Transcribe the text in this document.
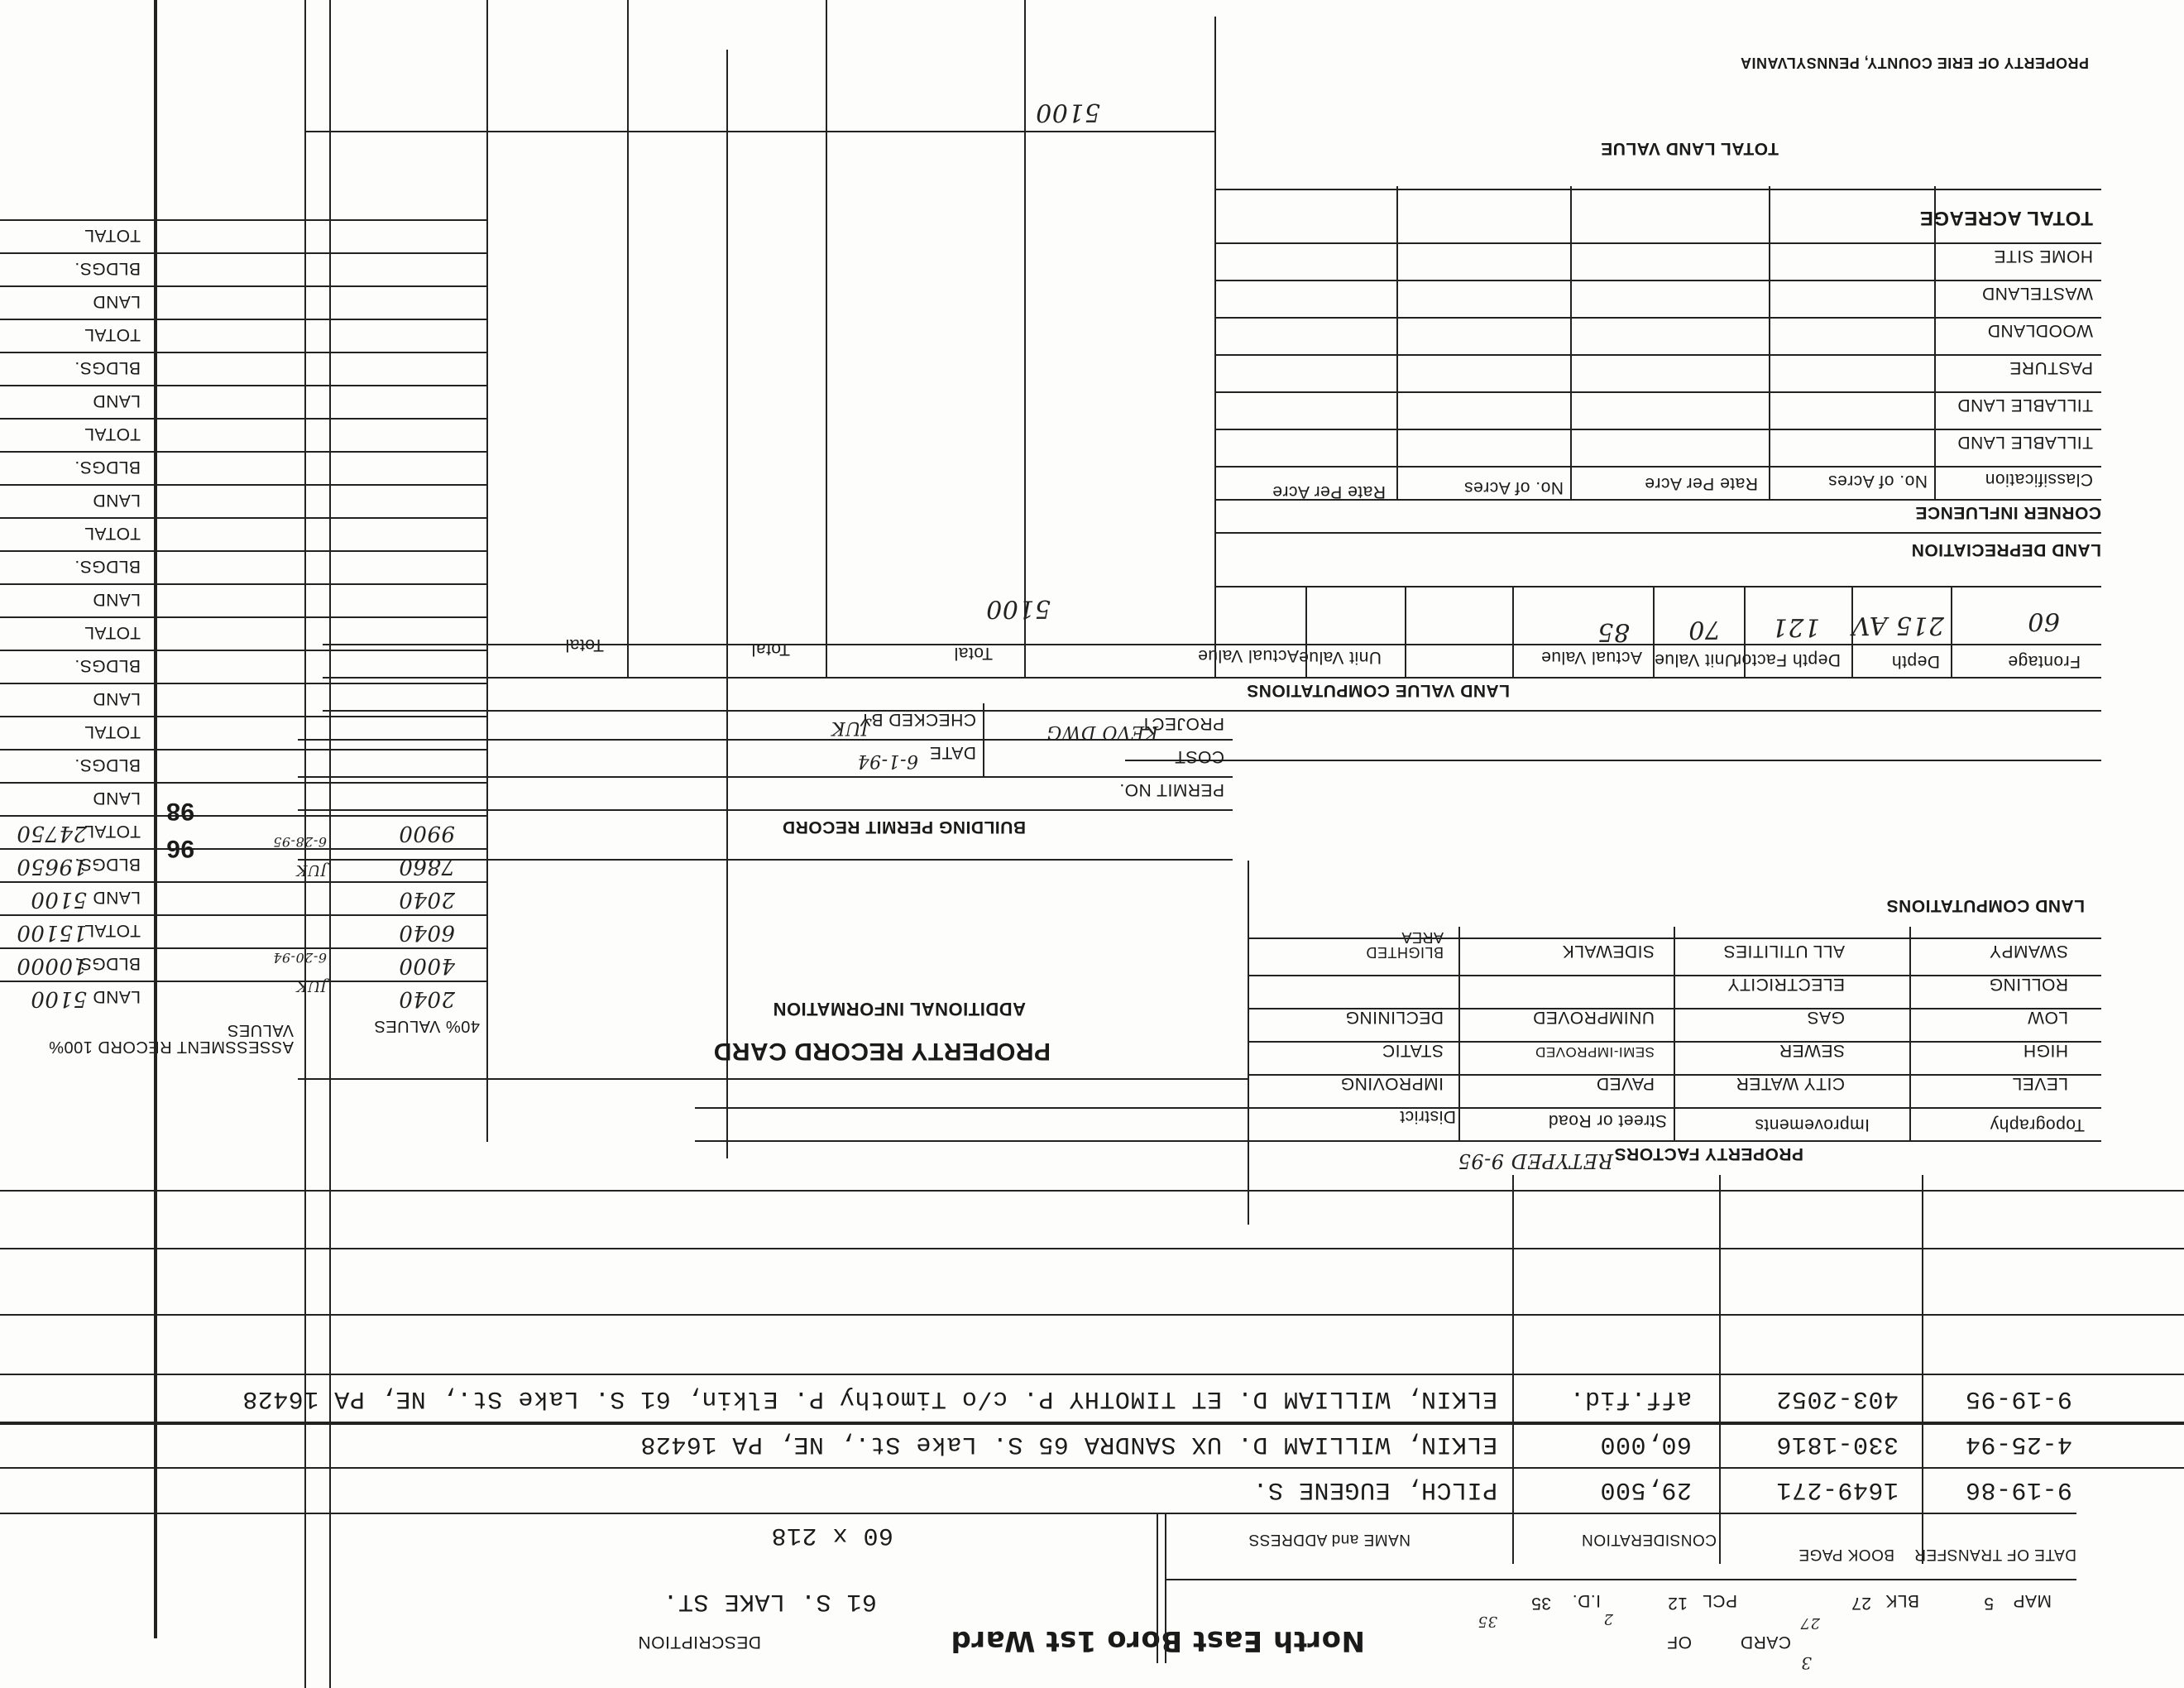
North East Boro 1st Ward	CARD
OF
3
DESCRIPTION
61 S. LAKE ST.
60 x 218
MAP
5
BLK
27
27
PCL
12
2
I.D.
35
35
DATE OF TRANSFER
BOOK PAGE
CONSIDERATION
NAME and ADDRESS
9-19-86
1649-271
29,500
PILCH, EUGENE S.
4-25-94
330-1816
60,000
ELKIN, WILLIAM D. UX SANDRA 65 S. Lake St., NE, PA 16428
9-19-95
403-2052
aff.fid.
ELKIN, WILLIAM D. ET TIMOTHY P. c/o Timothy P. Elkin, 61 S. Lake St., NE, PA 16428
PROPERTY FACTORS
RETYPED 9-95
Topography
Improvements
Street or Road
District
LEVEL
HIGH
LOW
ROLLING
SWAMPY
CITY WATER
SEWER
GAS
ELECTRICITY
ALL UTILITIES
PAVED
SEMI-IMPROVED
UNIMPROVED
SIDEWALK
IMPROVING
STATIC
DECLINING
BLIGHTED AREA
LAND COMPUTATIONS
LAND VALUE COMPUTATIONS
Frontage
Depth
Depth Factor
Unit Value
Actual Value
Unit Value
Actual Value
Total
Total
Total
60
215 AV
121
70
85
5100
LAND DEPRECIATION
CORNER INFLUENCE
Classification
No. of Acres
Rate Per Acre
No. of Acres
Rate Per Acre
TILLABLE LAND
TILLABLE LAND
PASTURE
WOODLAND
WASTELAND
HOME SITE
TOTAL ACREAGE
TOTAL LAND VALUE
5100
PROPERTY OF ERIE COUNTY, PENNSYLVANIA
PROPERTY RECORD CARD
ADDITIONAL INFORMATION
BUILDING PERMIT RECORD
PERMIT NO.
COST
DATE
6-1-94
PROJECT
KEVO DWG
CHECKED BY
JUK
ASSESSMENT RECORD 100% VALUES	40% VALUES
LAND
BLDGS.
TOTAL
LAND
BLDGS.
TOTAL
LAND
BLDGS.
TOTAL
LAND
BLDGS.
TOTAL
LAND
BLDGS.
TOTAL
LAND
BLDGS.
TOTAL
LAND
BLDGS.
TOTAL
LAND
BLDGS.
TOTAL
5100
10000
15100
5100
19650
24750
2040
4000
6040
2040
7860
9900
96
98
JUK
6-20-94
JUK
6-28-95
